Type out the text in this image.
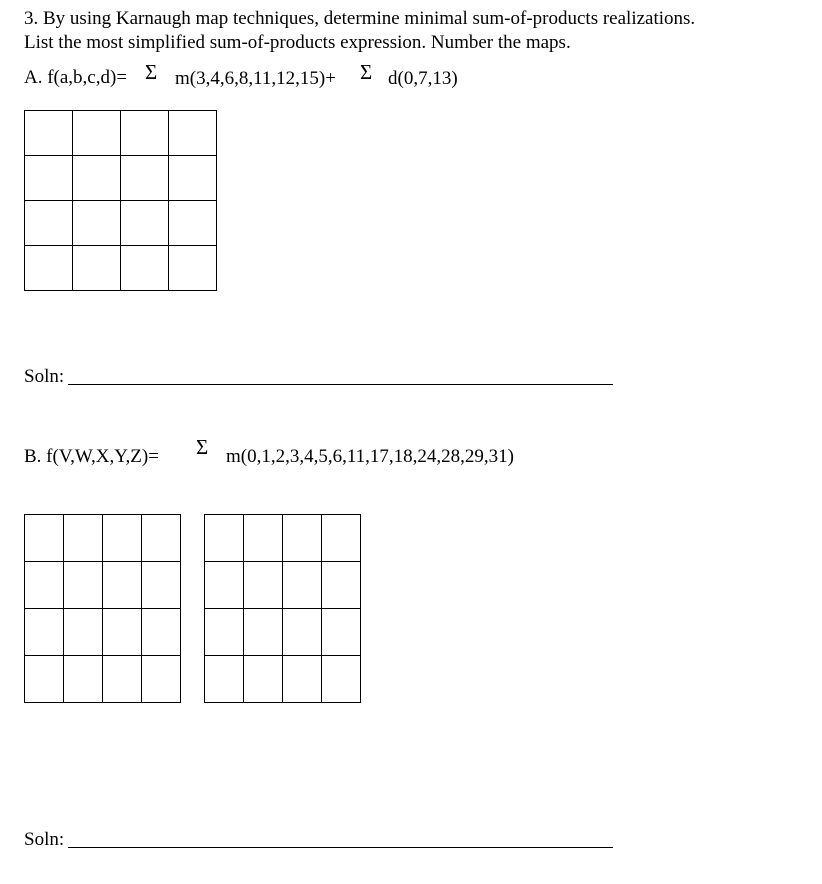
3. By using Karnaugh map techniques, determine minimal sum-of-products realizations.
List the most simplified sum-of-products expression. Number the maps.
A. f(a,b,c,d)= Σ m(3,4,6,8,11,12,15)+ Σ d(0,7,13)

Soln:
B. f(V,W,X,Y,Z)= Σ m(0,1,2,3,4,5,6,11,17,18,24,28,29,31)

Soln:
